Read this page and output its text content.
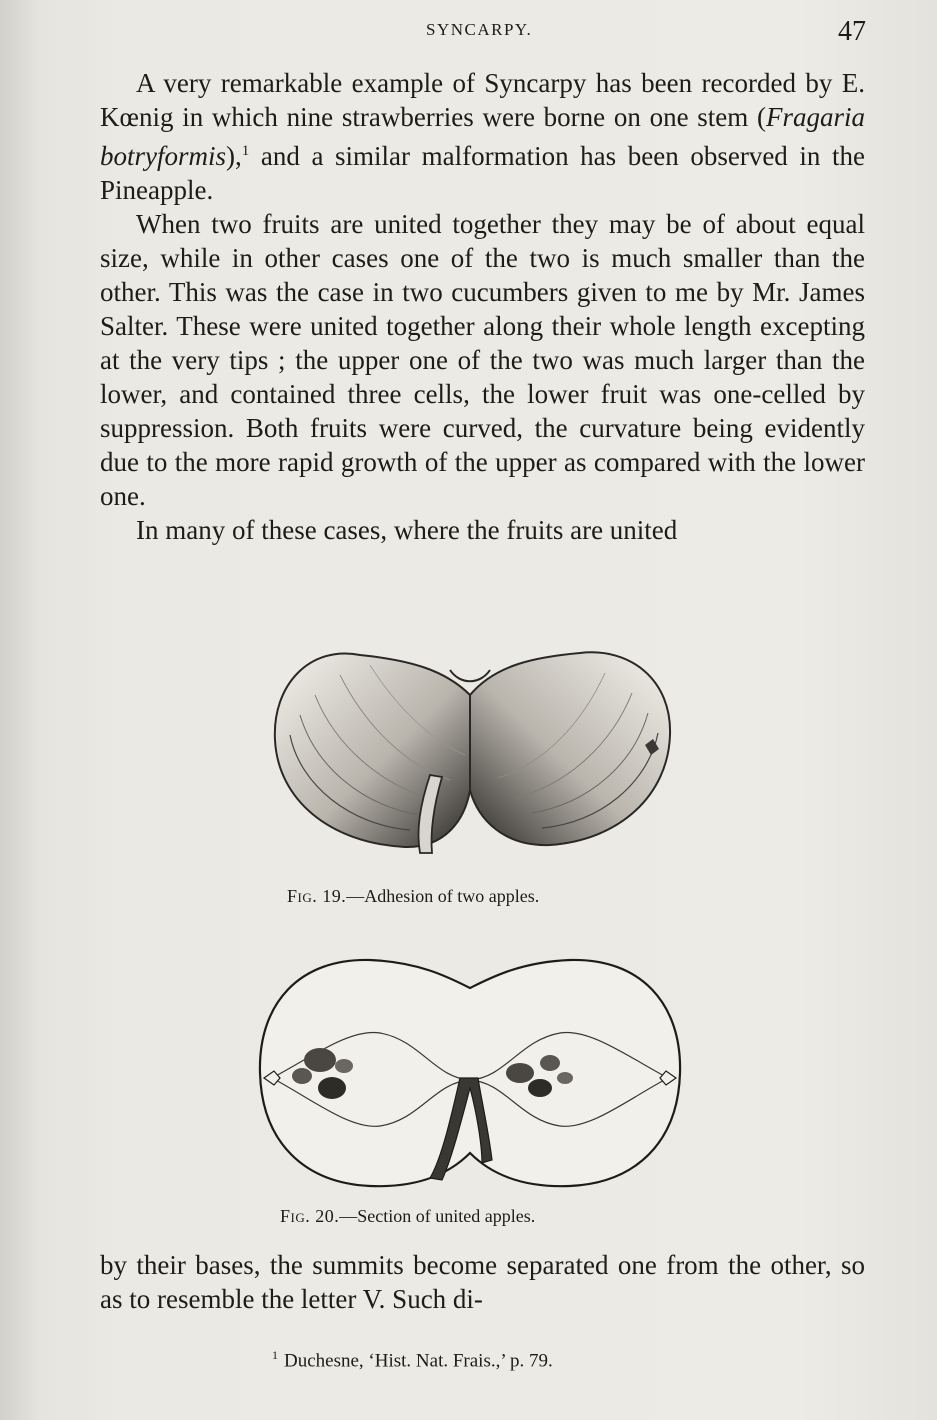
SYNCARPY.	47

A very remarkable example of Syncarpy has been recorded by E. Kœnig in which nine strawberries were borne on one stem (Fragaria botryformis),$^1$ and a similar malformation has been observed in the Pineapple.

When two fruits are united together they may be of about equal size, while in other cases one of the two is much smaller than the other. This was the case in two cucumbers given to me by Mr. James Salter. These were united together along their whole length excepting at the very tips ; the upper one of the two was much larger than the lower, and contained three cells, the lower fruit was one-celled by suppression. Both fruits were curved, the curvature being evidently due to the more rapid growth of the upper as compared with the lower one.

In many of these cases, where the fruits are united

Fig. 19.—Adhesion of two apples.
Fig. 20.—Section of united apples.

by their bases, the summits become separated one from the other, so as to resemble the letter V. Such di-

$^1$ Duchesne, ‘Hist. Nat. Frais.,’ p. 79.
